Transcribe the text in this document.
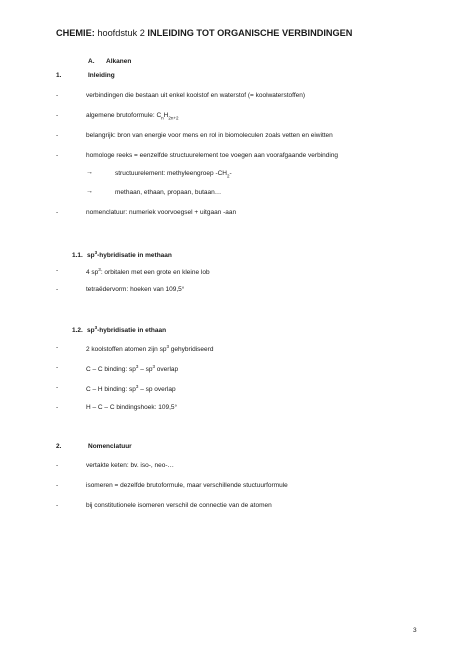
CHEMIE: hoofdstuk 2 INLEIDING TOT ORGANISCHE VERBINDINGEN
A. Alkanen
1.	Inleiding
-	verbindingen die bestaan uit enkel koolstof en waterstof (= koolwaterstoffen)
-	algemene brutoformule: $C_nH_{2n+2}$
-	belangrijk: bron van energie voor mens en rol in biomoleculen zoals vetten en eiwitten
-	homologe reeks = eenzelfde structuurelement toe voegen aan voorafgaande verbinding
→	structuurelement: methyleengroep $-CH_2-$
→	methaan, ethaan, propaan, butaan…
-	nomenclatuur: numeriek voorvoegsel + uitgaan -aan
1.1. $sp^3$-hybridisatie in methaan
-	4 $sp^3$: orbitalen met een grote en kleine lob
-	tetraëdervorm: hoeken van 109,5°
1.2. $sp^3$-hybridisatie in ethaan
-	2 koolstoffen atomen zijn $sp^3$ gehybridiseerd
-	C – C binding: $sp^3 - sp^3$ overlap
-	C – H binding: $sp^3$ – sp overlap
-	H – C – C bindingshoek: 109,5°
2.	Nomenclatuur
-	vertakte keten: bv. iso-, neo-…
-	isomeren = dezelfde brutoformule, maar verschillende stuctuurformule
-	bij constitutionele isomeren verschil de connectie van de atomen
3
